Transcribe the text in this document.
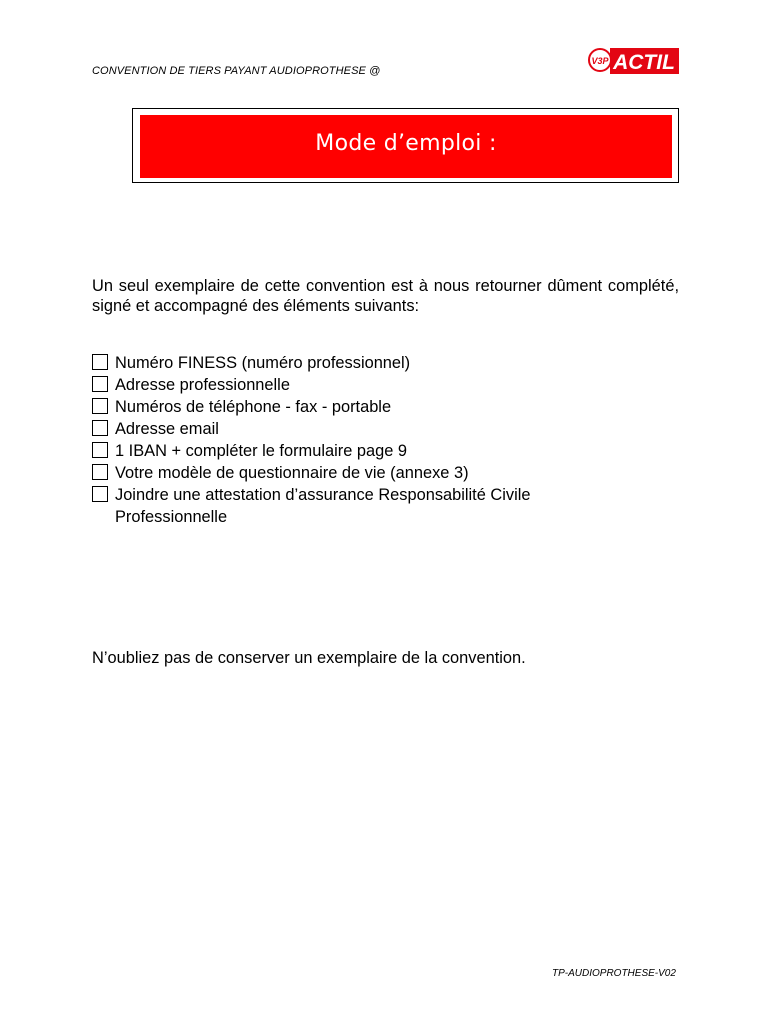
CONVENTION DE TIERS PAYANT AUDIOPROTHESE @
V3P ACTIL
Mode d’emploi :
Un seul exemplaire de cette convention est à nous retourner dûment complété, signé et accompagné des éléments suivants:
Numéro FINESS (numéro professionnel)
Adresse professionnelle
Numéros de téléphone - fax - portable
Adresse email
1 IBAN + compléter le formulaire page 9
Votre modèle de questionnaire de vie (annexe 3)
Joindre une attestation d’assurance Responsabilité Civile Professionnelle
N’oubliez pas de conserver un exemplaire de la convention.
TP-AUDIOPROTHESE-V02
